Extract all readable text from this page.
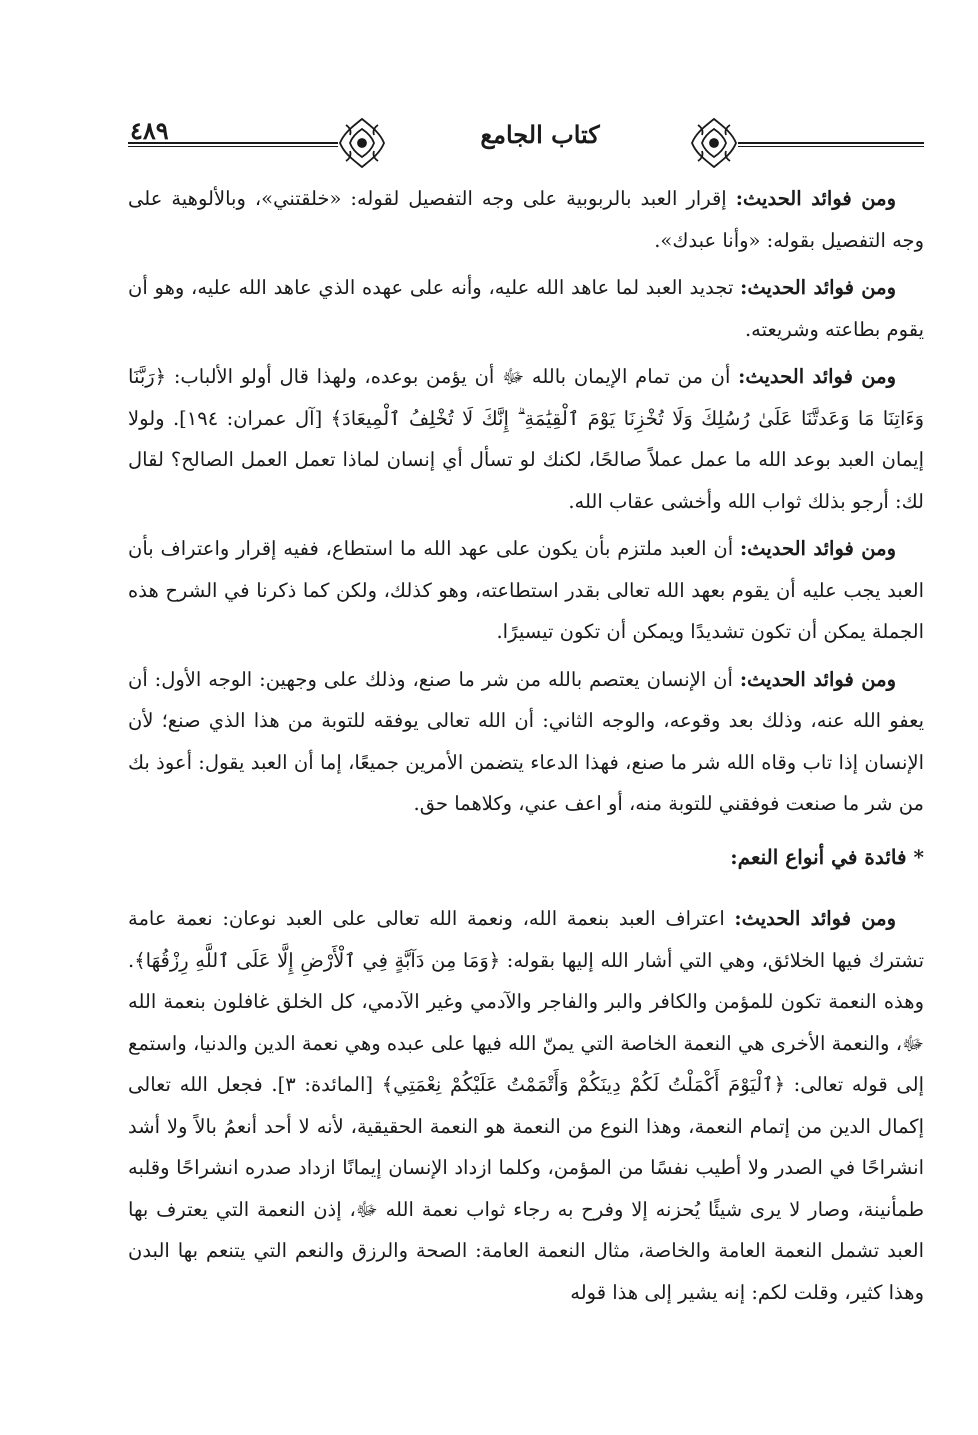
٤٨٩	كتاب الجامع

ومن فوائد الحديث: إقرار العبد بالربوبية على وجه التفصيل لقوله: «خلقتني»، وبالألوهية على وجه التفصيل بقوله: «وأنا عبدك».

ومن فوائد الحديث: تجديد العبد لما عاهد الله عليه، وأنه على عهده الذي عاهد الله عليه، وهو أن يقوم بطاعته وشريعته.

ومن فوائد الحديث: أن من تمام الإيمان بالله ﷻ أن يؤمن بوعده، ولهذا قال أولو الألباب: ﴿رَبَّنَا وَءَاتِنَا مَا وَعَدتَّنَا عَلَىٰ رُسُلِكَ وَلَا تُخْزِنَا يَوْمَ ٱلْقِيَٰمَةِ ۗ إِنَّكَ لَا تُخْلِفُ ٱلْمِيعَادَ﴾ [آل عمران: ١٩٤]. ولولا إيمان العبد بوعد الله ما عمل عملاً صالحًا، لكنك لو تسأل أي إنسان لماذا تعمل العمل الصالح؟ لقال لك: أرجو بذلك ثواب الله وأخشى عقاب الله.

ومن فوائد الحديث: أن العبد ملتزم بأن يكون على عهد الله ما استطاع، ففيه إقرار واعتراف بأن العبد يجب عليه أن يقوم بعهد الله تعالى بقدر استطاعته، وهو كذلك، ولكن كما ذكرنا في الشرح هذه الجملة يمكن أن تكون تشديدًا ويمكن أن تكون تيسيرًا.

ومن فوائد الحديث: أن الإنسان يعتصم بالله من شر ما صنع، وذلك على وجهين: الوجه الأول: أن يعفو الله عنه، وذلك بعد وقوعه، والوجه الثاني: أن الله تعالى يوفقه للتوبة من هذا الذي صنع؛ لأن الإنسان إذا تاب وقاه الله شر ما صنع، فهذا الدعاء يتضمن الأمرين جميعًا، إما أن العبد يقول: أعوذ بك من شر ما صنعت فوفقني للتوبة منه، أو اعف عني، وكلاهما حق.

* فائدة في أنواع النعم:

ومن فوائد الحديث: اعتراف العبد بنعمة الله، ونعمة الله تعالى على العبد نوعان: نعمة عامة تشترك فيها الخلائق، وهي التي أشار الله إليها بقوله: ﴿وَمَا مِن دَآبَّةٍ فِي ٱلْأَرْضِ إِلَّا عَلَى ٱللَّهِ رِزْقُهَا﴾. وهذه النعمة تكون للمؤمن والكافر والبر والفاجر والآدمي وغير الآدمي، كل الخلق غافلون بنعمة الله ﷻ، والنعمة الأخرى هي النعمة الخاصة التي يمنّ الله فيها على عبده وهي نعمة الدين والدنيا، واستمع إلى قوله تعالى: ﴿ٱلْيَوْمَ أَكْمَلْتُ لَكُمْ دِينَكُمْ وَأَتْمَمْتُ عَلَيْكُمْ نِعْمَتِي﴾ [المائدة: ٣]. فجعل الله تعالى إكمال الدين من إتمام النعمة، وهذا النوع من النعمة هو النعمة الحقيقية، لأنه لا أحد أنعمُ بالاً ولا أشد انشراحًا في الصدر ولا أطيب نفسًا من المؤمن، وكلما ازداد الإنسان إيمانًا ازداد صدره انشراحًا وقلبه طمأنينة، وصار لا يرى شيئًا يُحزنه إلا وفرح به رجاء ثواب نعمة الله ﷻ، إذن النعمة التي يعترف بها العبد تشمل النعمة العامة والخاصة، مثال النعمة العامة: الصحة والرزق والنعم التي يتنعم بها البدن وهذا كثير، وقلت لكم: إنه يشير إلى هذا قوله
